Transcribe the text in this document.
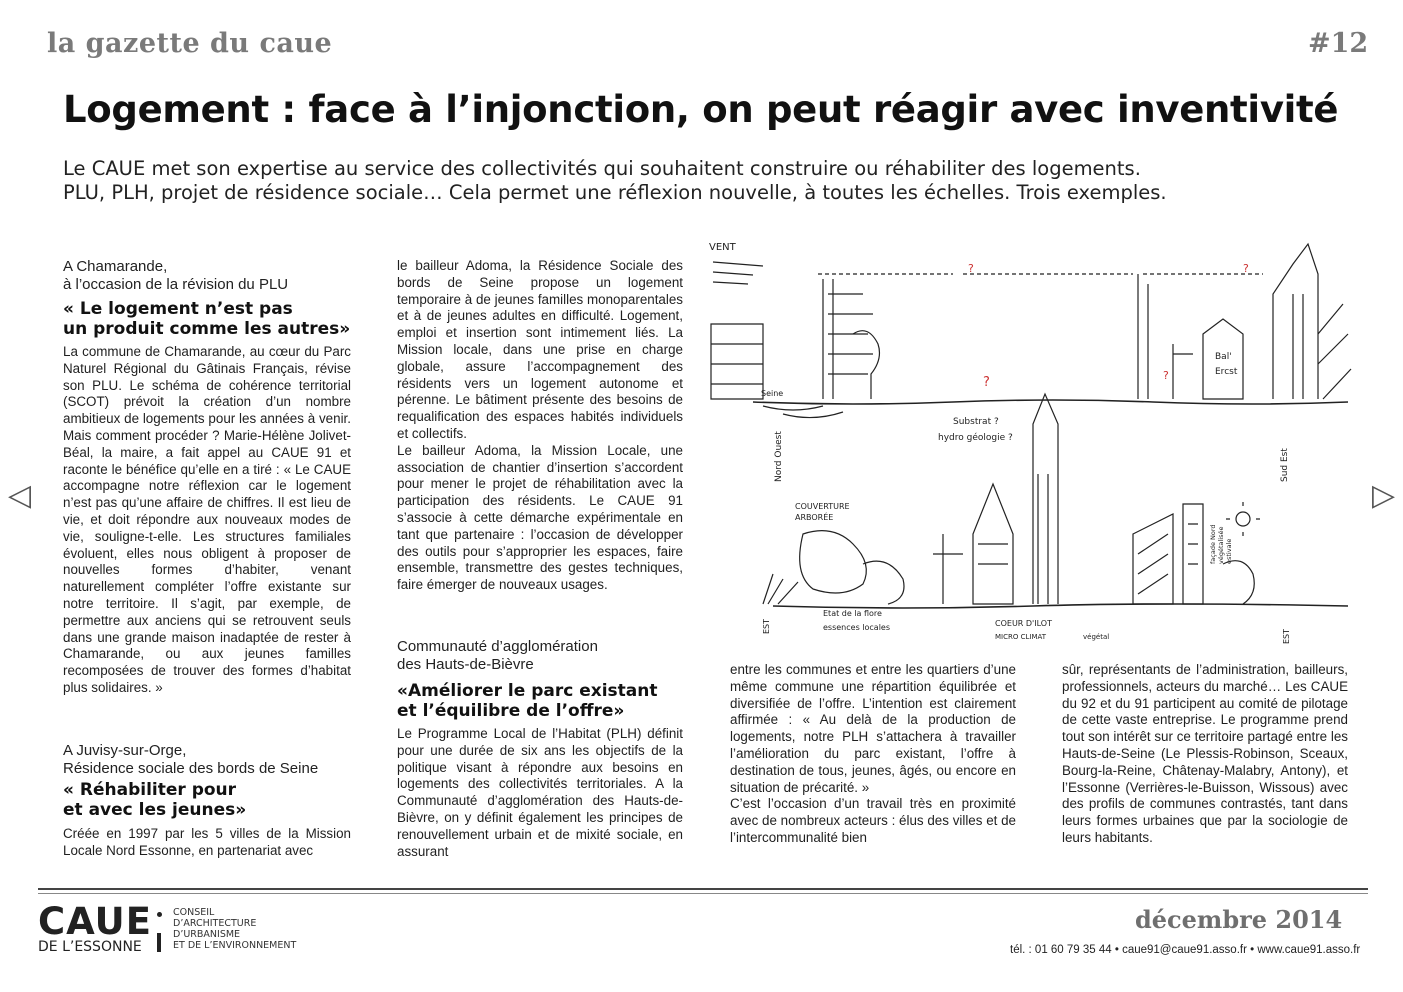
la gazette du caue	#12
Logement : face à l’injonction, on peut réagir avec inventivité
Le CAUE met son expertise au service des collectivités qui souhaitent construire ou réhabiliter des logements.
PLU, PLH, projet de résidence sociale… Cela permet une réflexion nouvelle, à toutes les échelles. Trois exemples.
◁	▷
A Chamarande,
à l’occasion de la révision du PLU
« Le logement n’est pas
un produit comme les autres»
La commune de Chamarande, au cœur du Parc Naturel Régional du Gâtinais Français, révise son PLU. Le schéma de cohérence territorial (SCOT) prévoit la création d’un nombre ambitieux de logements pour les années à venir. Mais comment procéder ? Marie-Hélène Jolivet-Béal, la maire, a fait appel au CAUE 91 et raconte le bénéfice qu’elle en a tiré : « Le CAUE accompagne notre réflexion car le logement n’est pas qu’une affaire de chiffres. Il est lieu de vie, et doit répondre aux nouveaux modes de vie, souligne-t-elle. Les structures familiales évoluent, elles nous obligent à proposer de nouvelles formes d’habiter, venant naturellement compléter l’offre existante sur notre territoire. Il s’agit, par exemple, de permettre aux anciens qui se retrouvent seuls dans une grande maison inadaptée de rester à Chamarande, ou aux jeunes familles recomposées de trouver des formes d’habitat plus solidaires. »
A Juvisy-sur-Orge,
Résidence sociale des bords de Seine
« Réhabiliter pour
et avec les jeunes»
Créée en 1997 par les 5 villes de la Mission Locale Nord Essonne, en partenariat avec

le bailleur Adoma, la Résidence Sociale des bords de Seine propose un logement temporaire à de jeunes familles monoparentales et à de jeunes adultes en difficulté. Logement, emploi et insertion sont intimement liés. La Mission locale, dans une prise en charge globale, assure l’accompagnement des résidents vers un logement autonome et pérenne. Le bâtiment présente des besoins de requalification des espaces habités individuels et collectifs.

Le bailleur Adoma, la Mission Locale, une association de chantier d’insertion s’accordent pour mener le projet de réhabilitation avec la participation des résidents. Le CAUE 91 s’associe à cette démarche expérimentale en tant que partenaire : l’occasion de développer des outils pour s’approprier les espaces, faire ensemble, transmettre des gestes techniques, faire émerger de nouveaux usages.

Communauté d’agglomération
des Hauts-de-Bièvre
«Améliorer le parc existant
et l’équilibre de l’offre»
Le Programme Local de l’Habitat (PLH) définit pour une durée de six ans les objectifs de la politique visant à répondre aux besoins en logements des collectivités territoriales. A la Communauté d’agglomération des Hauts-de-Bièvre, on y définit également les principes de renouvellement urbain et de mixité sociale, en assurant

entre les communes et entre les quartiers d’une même commune une répartition équilibrée et diversifiée de l’offre. L’intention est clairement affirmée : « Au delà de la production de logements, notre PLH s’attachera à travailler l’amélioration du parc existant, l’offre à destination de tous, jeunes, âgés, ou encore en situation de précarité. »

C’est l’occasion d’un travail très en proximité avec de nombreux acteurs : élus des villes et de l’intercommunalité bien

sûr, représentants de l’administration, bailleurs, professionnels, acteurs du marché… Les CAUE du 92 et du 91 participent au comité de pilotage de cette vaste entreprise. Le programme prend tout son intérêt sur ce territoire partagé entre les Hauts-de-Seine (Le Plessis-Robinson, Sceaux, Bourg-la-Reine, Châtenay-Malabry, Antony), et l’Essonne (Verrières-le-Buisson, Wissous) avec des profils de communes contrastés, tant dans leurs formes urbaines que par la sociologie de leurs habitants.
VENT
?	?
?	?
Bal'
Ercst
Seine
Substrat ?
hydro géologie ?
Nord Ouest	Sud Est
COUVERTURE
ARBORÉE
Etat de la flore
essences locales	COEUR D'ILOT
MICRO CLIMAT	végétal
EST
EST
façade Nord végétalisée estivale
CAUE
DE L’ESSONNE
CONSEIL
D’ARCHITECTURE
D’URBANISME
ET DE L’ENVIRONNEMENT
décembre 2014
tél. : 01 60 79 35 44 • caue91@caue91.asso.fr • www.caue91.asso.fr
